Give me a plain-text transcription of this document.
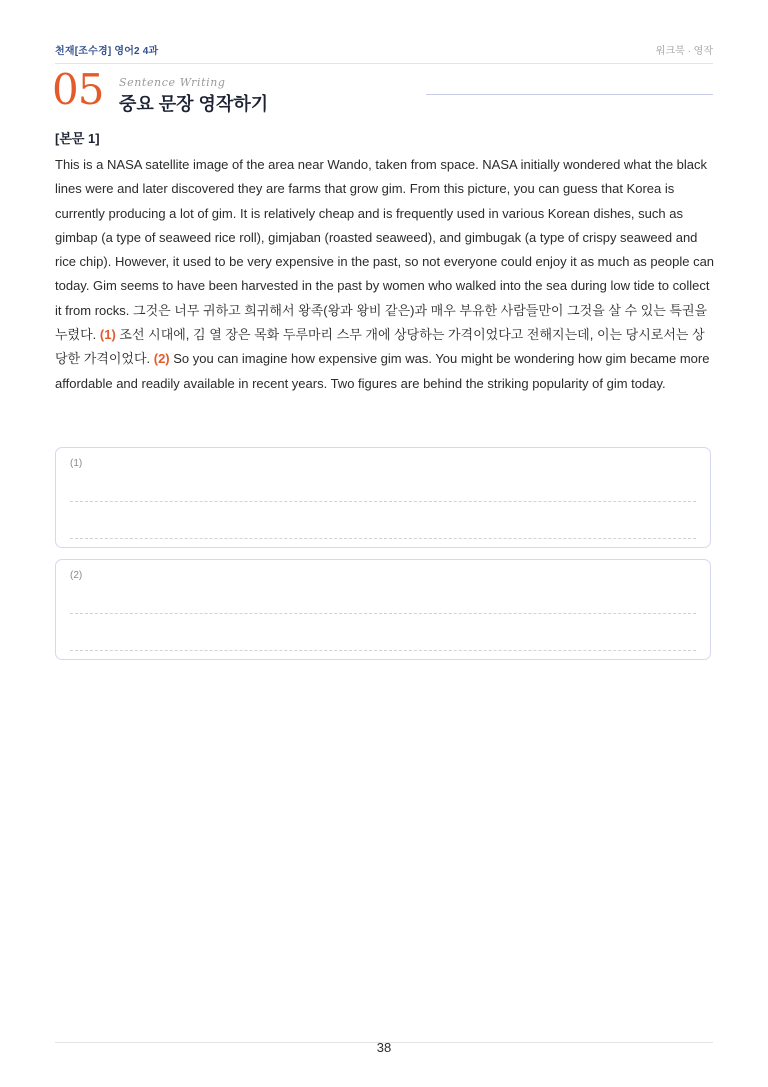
천재[조수경] 영어2 4과	워크북 · 영작
05 Sentence Writing
중요 문장 영작하기
[본문 1]
This is a NASA satellite image of the area near Wando, taken from space. NASA initially wondered what the black lines were and later discovered they are farms that grow gim. From this picture, you can guess that Korea is currently producing a lot of gim. It is relatively cheap and is frequently used in various Korean dishes, such as gimbap (a type of seaweed rice roll), gimjaban (roasted seaweed), and gimbugak (a type of crispy seaweed and rice chip). However, it used to be very expensive in the past, so not everyone could enjoy it as much as people can today. Gim seems to have been harvested in the past by women who walked into the sea during low tide to collect it from rocks. 그것은 너무 귀하고 희귀해서 왕족(왕과 왕비 같은)과 매우 부유한 사람들만이 그것을 살 수 있는 특권을 누렸다. (1) 조선 시대에, 김 열 장은 목화 두루마리 스무 개에 상당하는 가격이었다고 전해지는데, 이는 당시로서는 상당한 가격이었다. (2) So you can imagine how expensive gim was. You might be wondering how gim became more affordable and readily available in recent years. Two figures are behind the striking popularity of gim today.
(1)
(2)
38
